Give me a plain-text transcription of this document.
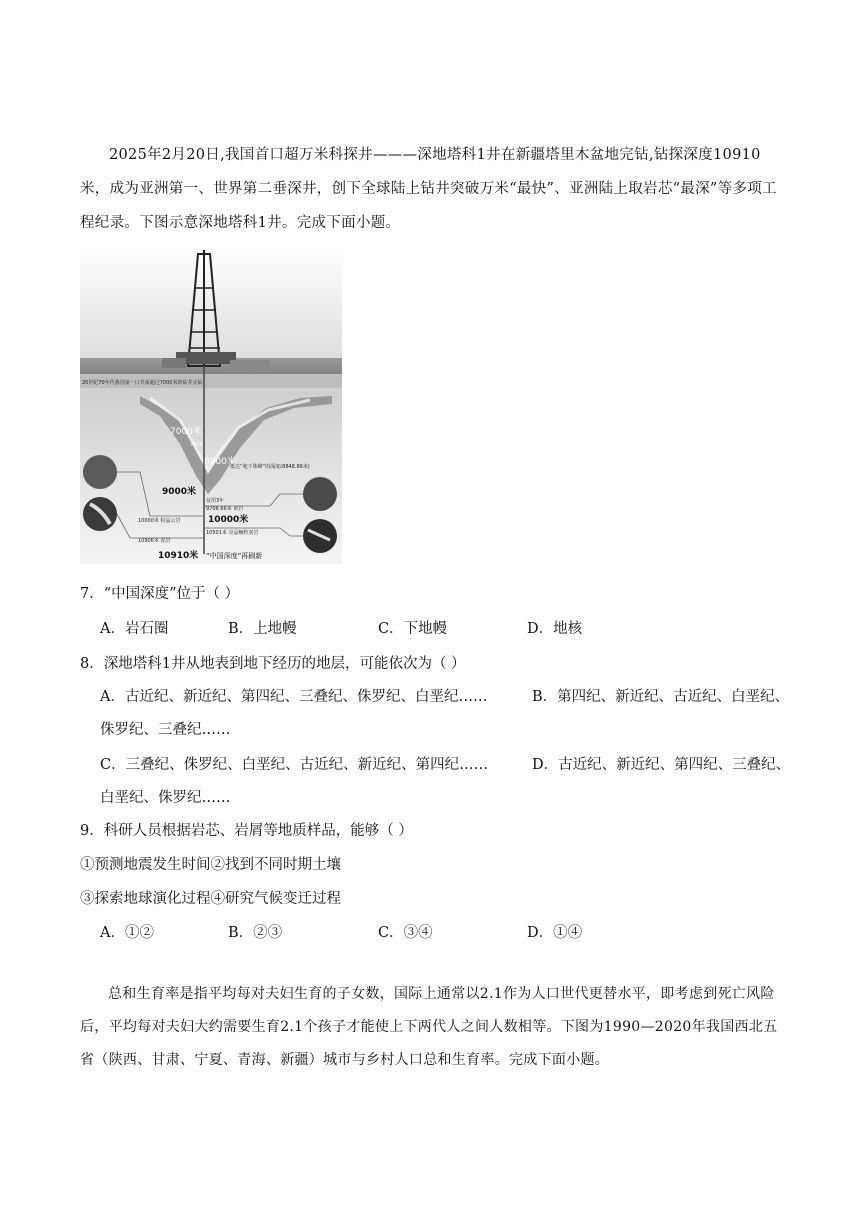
2025年2月20日,我国首口超万米科探井———深地塔科1井在新疆塔里木盆地完钻,钻探深度10910米，成为亚洲第一、世界第二垂深井，创下全球陆上钻井突破万米“最快”、亚洲陆上取岩芯“最深”等多项工程纪录。下图示意深地塔科1井。完成下面小题。
20世纪70年代我国第一口井深超过7000米的钻井完钻
7000米
7000
8000米
抵达“地下珠峰”的深度(8848.86米)
9000米
仅用3年
9708.66米 黄岩
10000米
10000米 粉晶云岩
10501米 亮晶鲕粒灰岩
10906米 泥岩
10910米 “中国深度”再刷新
7．“中国深度”位于（ ）
A．岩石圈	B．上地幔	C．下地幔	D．地核
8．深地塔科1井从地表到地下经历的地层，可能依次为（ ）
A．古近纪、新近纪、第四纪、三叠纪、侏罗纪、白垩纪……	B．第四纪、新近纪、古近纪、白垩纪、
侏罗纪、三叠纪……
C．三叠纪、侏罗纪、白垩纪、古近纪、新近纪、第四纪……	D．古近纪、新近纪、第四纪、三叠纪、
白垩纪、侏罗纪……
9．科研人员根据岩芯、岩屑等地质样品，能够（ ）
①预测地震发生时间②找到不同时期土壤
③探索地球演化过程④研究气候变迁过程
A．①②	B．②③	C．③④	D．①④
总和生育率是指平均每对夫妇生育的子女数，国际上通常以2.1作为人口世代更替水平，即考虑到死亡风险后，平均每对夫妇大约需要生育2.1个孩子才能使上下两代人之间人数相等。下图为1990—2020年我国西北五省（陕西、甘肃、宁夏、青海、新疆）城市与乡村人口总和生育率。完成下面小题。
